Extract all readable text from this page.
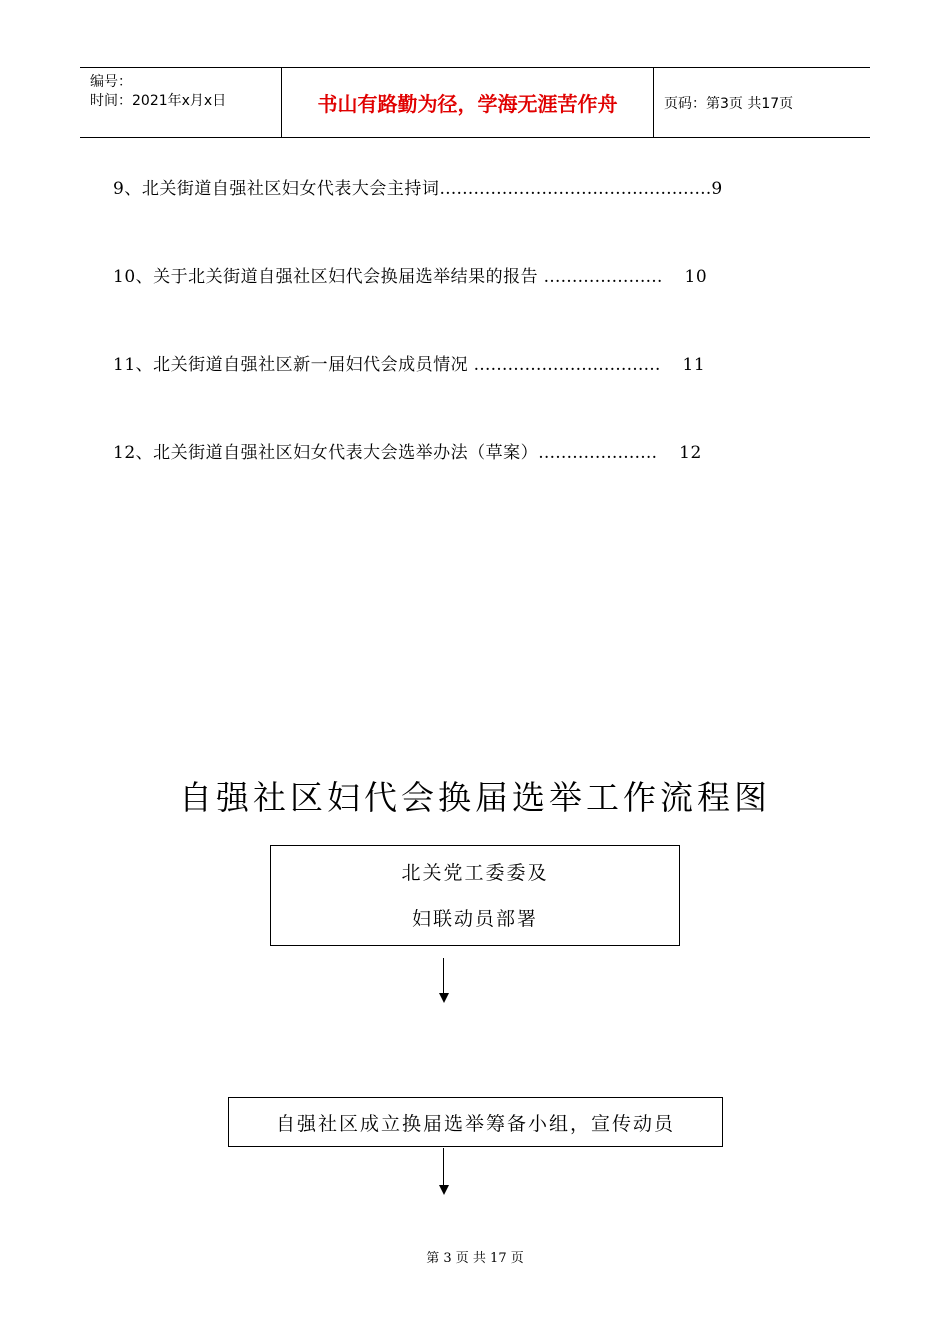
编号：
时间：2021年x月x日	书山有路勤为径，学海无涯苦作舟	页码：第3页 共17页
9、北关街道自强社区妇女代表大会主持词…………………………………………9
10、关于北关街道自强社区妇代会换届选举结果的报告 ………………… 10
11、北关街道自强社区新一届妇代会成员情况 …………………………… 11
12、北关街道自强社区妇女代表大会选举办法（草案）………………… 12
自强社区妇代会换届选举工作流程图
北关党工委委及
妇联动员部署
自强社区成立换届选举筹备小组，宣传动员
第 3 页 共 17 页
